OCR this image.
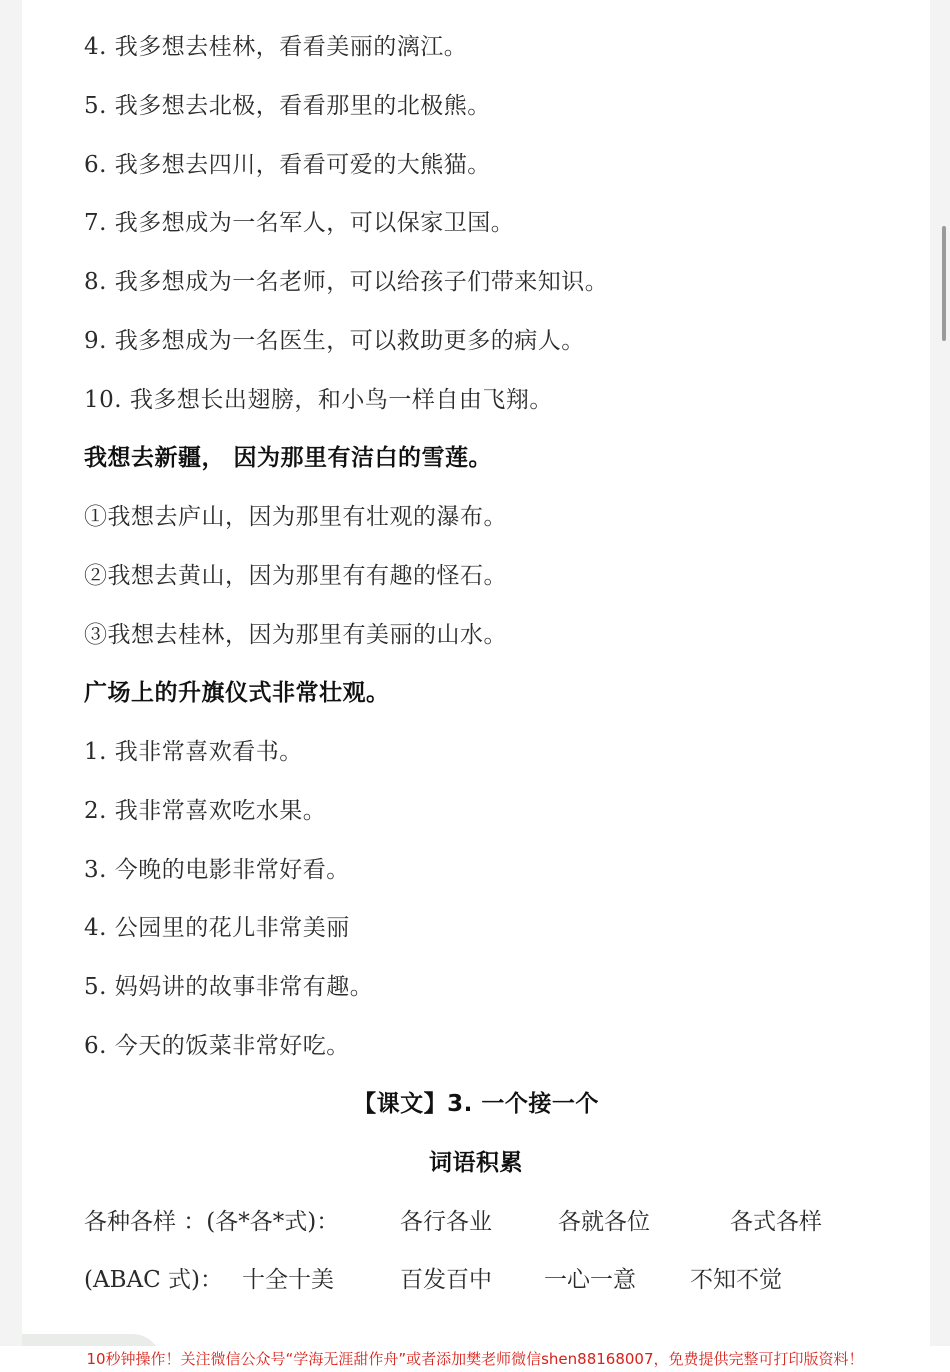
4. 我多想去桂林，看看美丽的漓江。
5. 我多想去北极，看看那里的北极熊。
6. 我多想去四川，看看可爱的大熊猫。
7. 我多想成为一名军人，可以保家卫国。
8. 我多想成为一名老师，可以给孩子们带来知识。
9. 我多想成为一名医生，可以救助更多的病人。
10. 我多想长出翅膀，和小鸟一样自由飞翔。
我想去新疆， 因为那里有洁白的雪莲。
①我想去庐山，因为那里有壮观的瀑布。
②我想去黄山，因为那里有有趣的怪石。
③我想去桂林，因为那里有美丽的山水。
广场上的升旗仪式非常壮观。
1. 我非常喜欢看书。
2. 我非常喜欢吃水果。
3. 今晚的电影非常好看。
4. 公园里的花儿非常美丽
5. 妈妈讲的故事非常有趣。
6. 今天的饭菜非常好吃。
【课文】3. 一个接一个
词语积累
各种各样 ：(各*各*式)：	各行各业	各就各位	各式各样
(ABAC 式)： 十全十美	百发百中 一心一意 不知不觉
10秒钟操作！关注微信公众号“学海无涯甜作舟”或者添加樊老师微信shen88168007，免费提供完整可打印版资料！
